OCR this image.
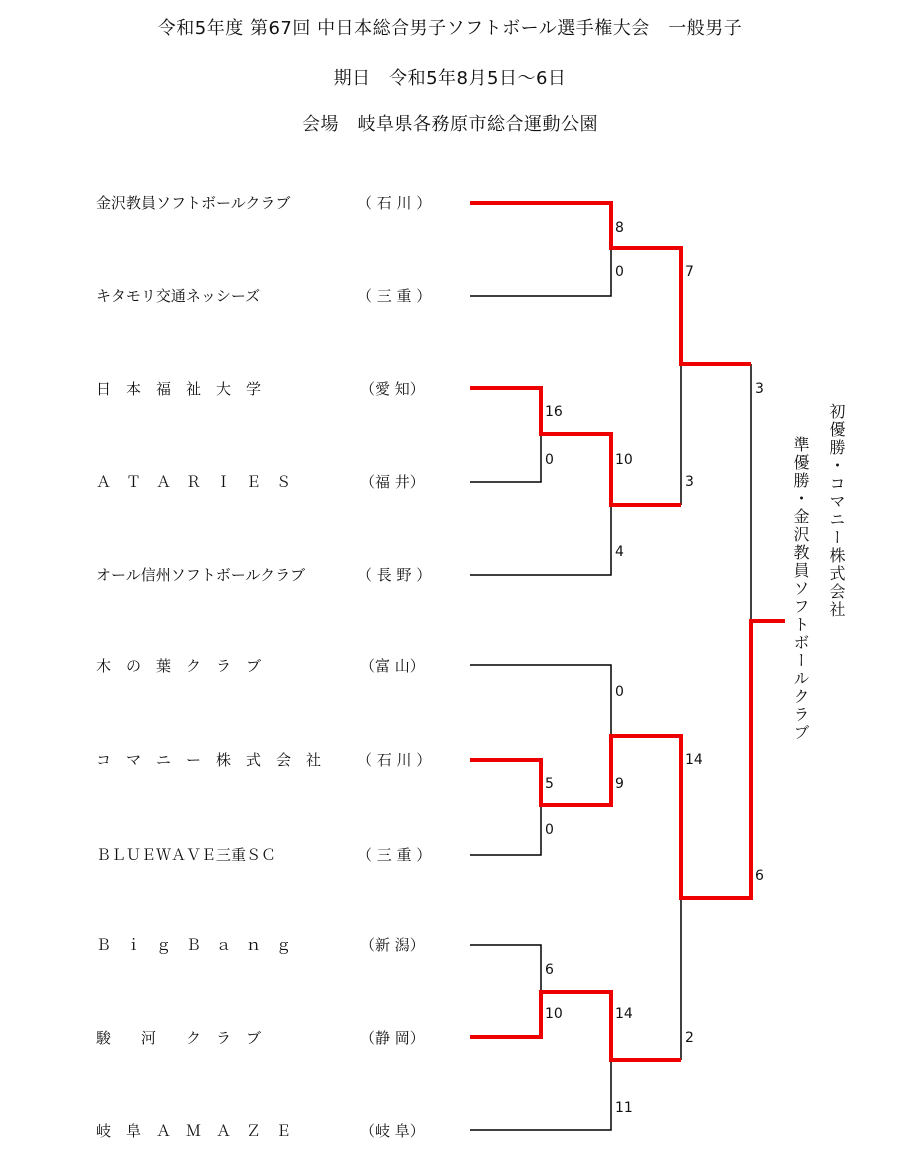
令和5年度 第67回 中日本総合男子ソフトボール選手権大会　一般男子
期日　令和5年8月5日～6日
会場　岐阜県各務原市総合運動公園
金沢教員ソフトボールクラブ	（ 石 川 ）
キタモリ交通ネッシーズ	（ 三 重 ）
日　本　福　祉　大　学	（愛 知）
Ａ　Ｔ　Ａ　Ｒ　Ｉ　Ｅ　Ｓ	（福 井）
オール信州ソフトボールクラブ	（ 長 野 ）
木　の　葉　ク　ラ　ブ	（富 山）
コ　マ　ニ　ー　株　式　会　社 （ 石 川 ）
ＢＬＵＥＷＡＶＥ三重ＳＣ	（ 三 重 ）
Ｂ　ｉ　ｇ　Ｂ　ａ　ｎ　ｇ	（新 潟）
駿　　河　　ク　ラ　ブ	（静 岡）
岐　阜　Ａ　Ｍ　Ａ　Ｚ　Ｅ	（岐 阜）
8
0	7
16
0	10
3
4
3
0
14
5	9
0
6
6
10	14
2
11
初優勝・コマニー株式会社
準優勝・金沢教員ソフトボールクラブ
